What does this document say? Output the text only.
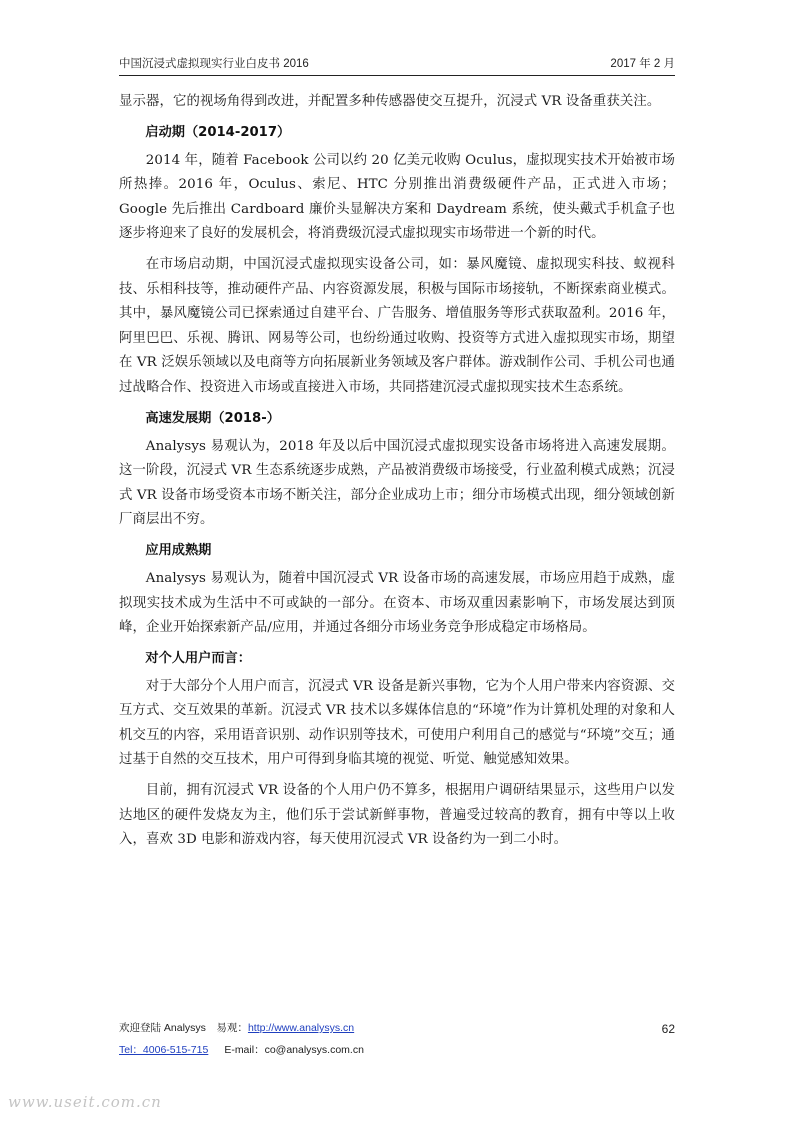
中国沉浸式虚拟现实行业白皮书 2016	2017 年 2 月

显示器，它的视场角得到改进，并配置多种传感器使交互提升，沉浸式 VR 设备重获关注。

启动期（2014-2017）

2014 年，随着 Facebook 公司以约 20 亿美元收购 Oculus，虚拟现实技术开始被市场所热捧。2016 年，Oculus、索尼、HTC 分别推出消费级硬件产品，正式进入市场；Google 先后推出 Cardboard 廉价头显解决方案和 Daydream 系统，使头戴式手机盒子也逐步将迎来了良好的发展机会，将消费级沉浸式虚拟现实市场带进一个新的时代。

在市场启动期，中国沉浸式虚拟现实设备公司，如：暴风魔镜、虚拟现实科技、蚁视科技、乐相科技等，推动硬件产品、内容资源发展，积极与国际市场接轨，不断探索商业模式。其中，暴风魔镜公司已探索通过自建平台、广告服务、增值服务等形式获取盈利。2016 年，阿里巴巴、乐视、腾讯、网易等公司，也纷纷通过收购、投资等方式进入虚拟现实市场，期望在 VR 泛娱乐领域以及电商等方向拓展新业务领域及客户群体。游戏制作公司、手机公司也通过战略合作、投资进入市场或直接进入市场，共同搭建沉浸式虚拟现实技术生态系统。

高速发展期（2018-）

Analysys 易观认为，2018 年及以后中国沉浸式虚拟现实设备市场将进入高速发展期。这一阶段，沉浸式 VR 生态系统逐步成熟，产品被消费级市场接受，行业盈利模式成熟；沉浸式 VR 设备市场受资本市场不断关注，部分企业成功上市；细分市场模式出现，细分领域创新厂商层出不穷。

应用成熟期

Analysys 易观认为，随着中国沉浸式 VR 设备市场的高速发展，市场应用趋于成熟，虚拟现实技术成为生活中不可或缺的一部分。在资本、市场双重因素影响下，市场发展达到顶峰，企业开始探索新产品/应用，并通过各细分市场业务竞争形成稳定市场格局。

对个人用户而言：

对于大部分个人用户而言，沉浸式 VR 设备是新兴事物，它为个人用户带来内容资源、交互方式、交互效果的革新。沉浸式 VR 技术以多媒体信息的“环境”作为计算机处理的对象和人机交互的内容，采用语音识别、动作识别等技术，可使用户利用自己的感觉与“环境”交互；通过基于自然的交互技术，用户可得到身临其境的视觉、听觉、触觉感知效果。

目前，拥有沉浸式 VR 设备的个人用户仍不算多，根据用户调研结果显示，这些用户以发达地区的硬件发烧友为主，他们乐于尝试新鲜事物，普遍受过较高的教育，拥有中等以上收入，喜欢 3D 电影和游戏内容，每天使用沉浸式 VR 设备约为一到二小时。

欢迎登陆 Analysys　易观：http://www.analysys.cn
Tel：4006-515-715 E-mail：co@analysys.com.cn
62
www.useit.com.cn
